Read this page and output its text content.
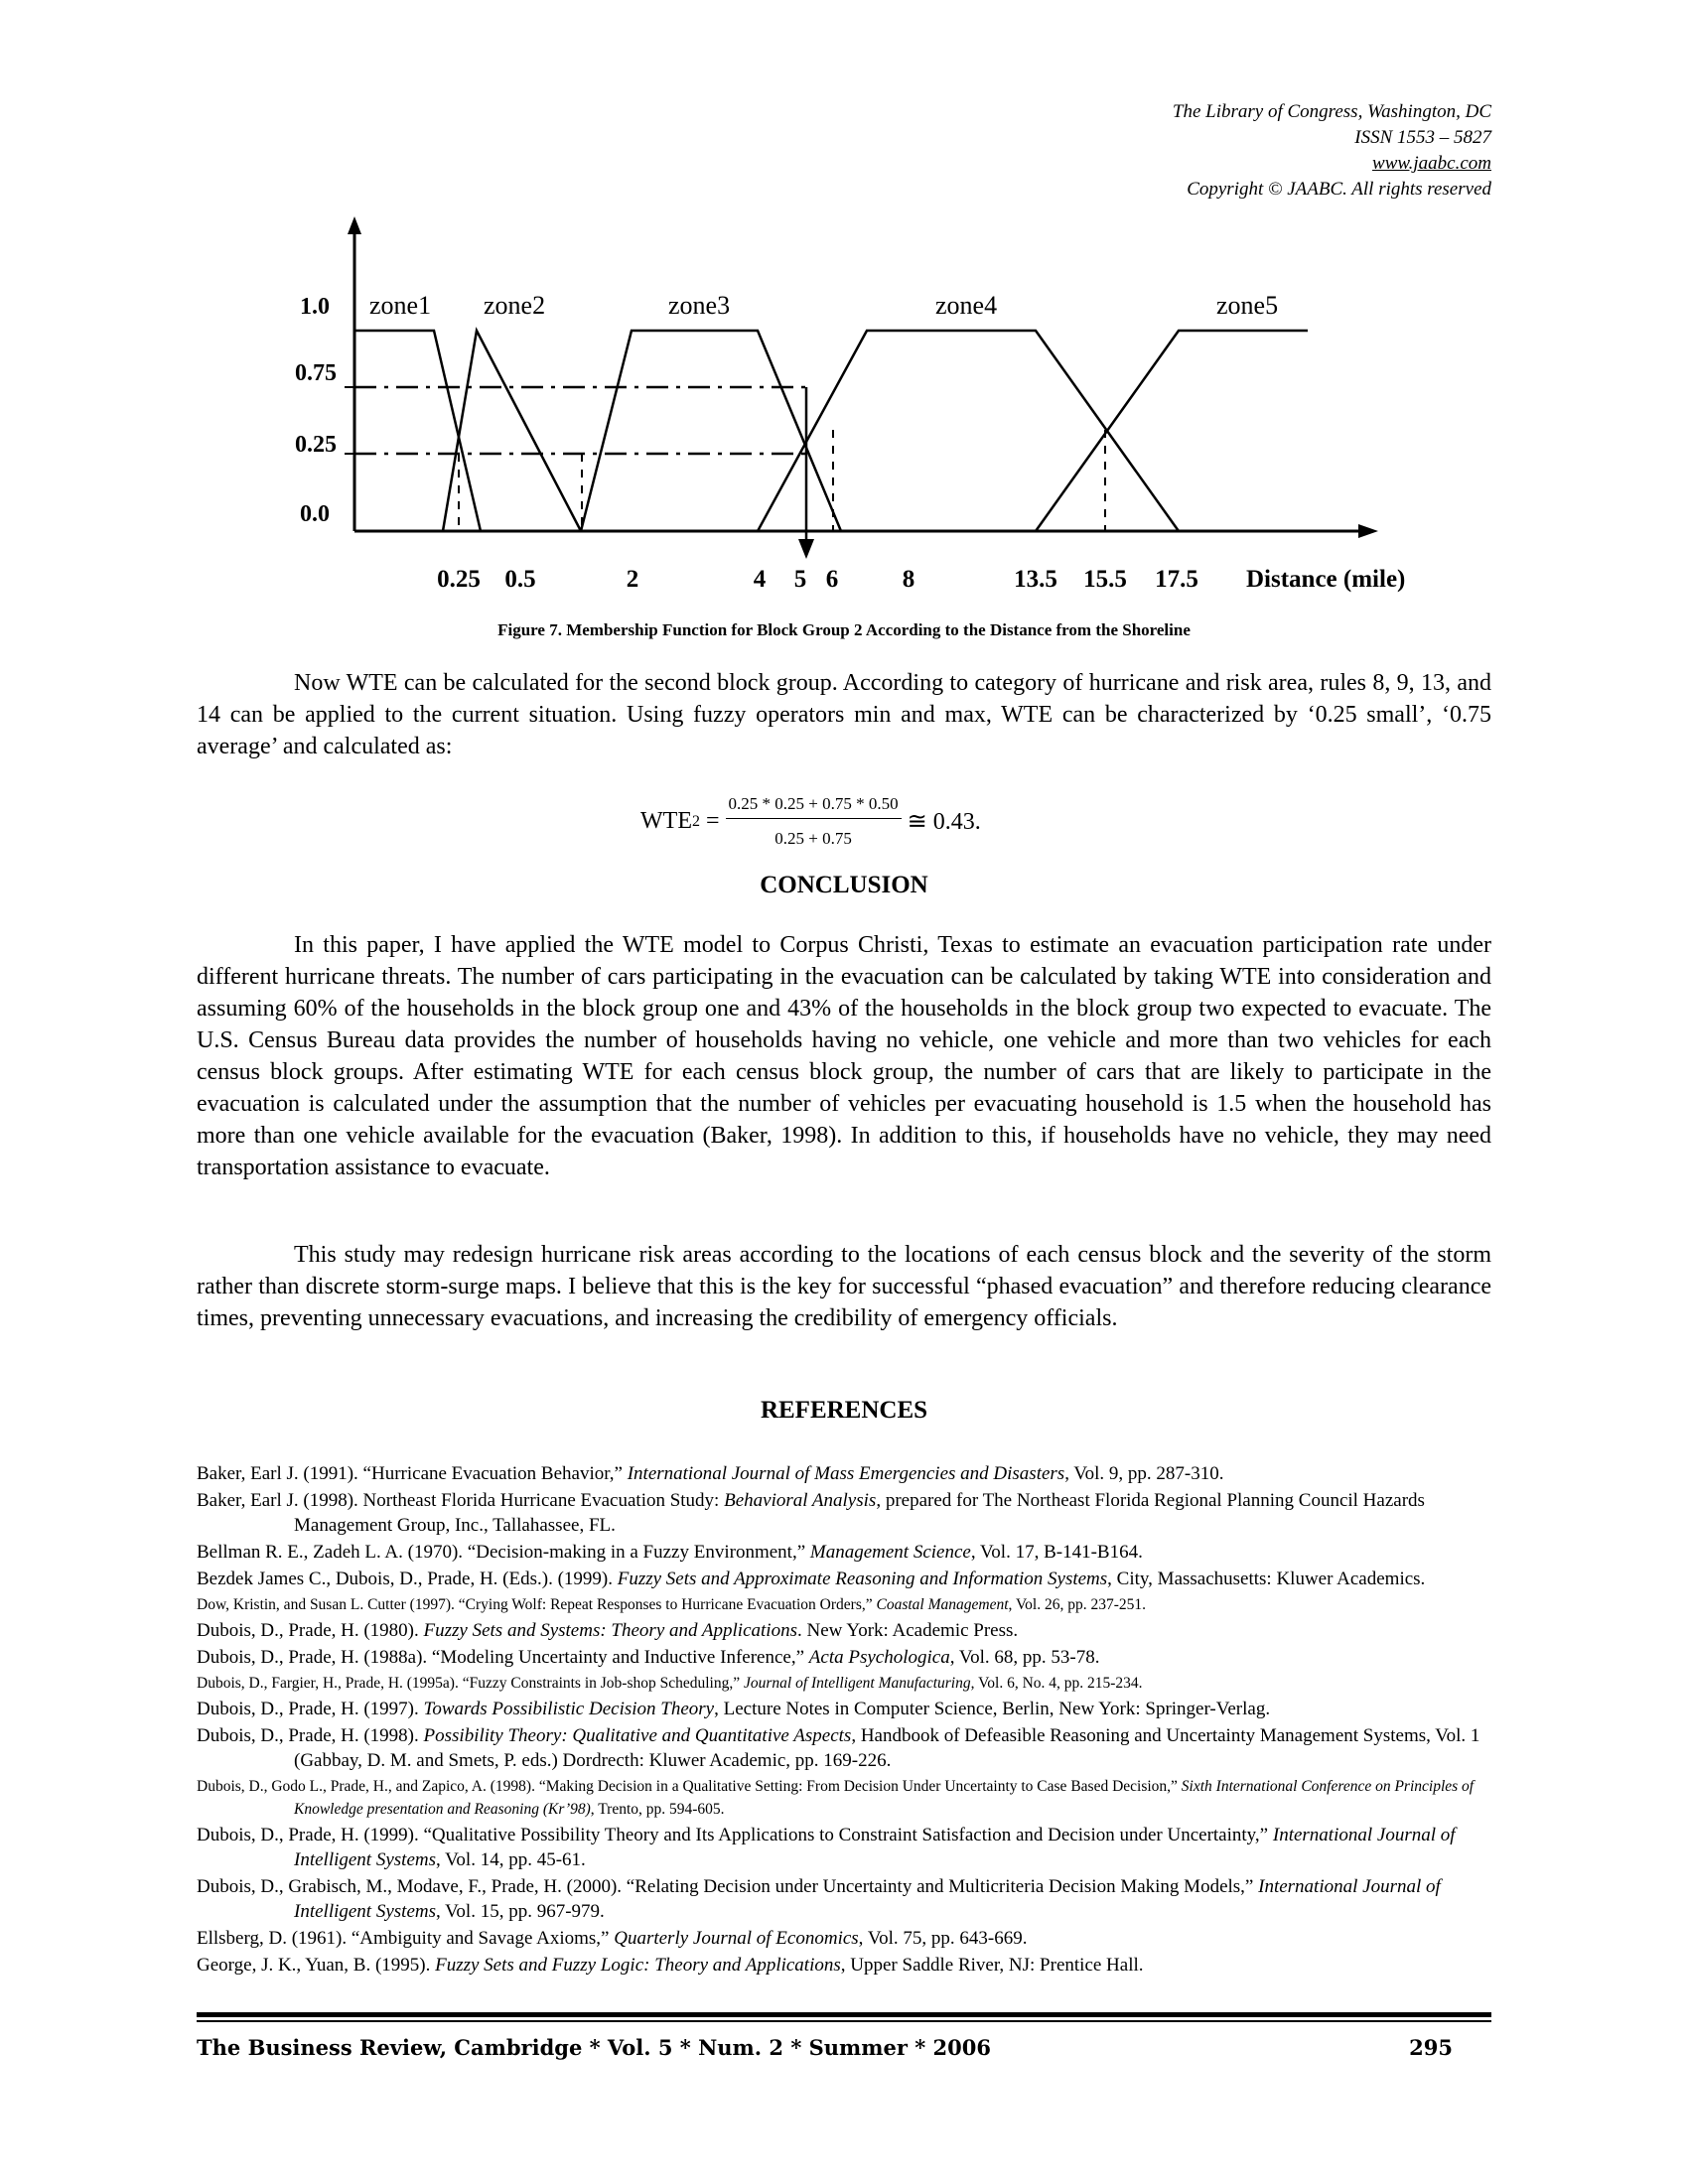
The Library of Congress, Washington, DC
ISSN 1553 – 5827
www.jaabc.com
Copyright © JAABC. All rights reserved
1.0
0.75
0.25
0.0
zone1 zone2	zone3	zone4	zone5
0.25 0.5	2	4 5 6	8	13.5 15.5 17.5 Distance (mile)
Figure 7. Membership Function for Block Group 2 According to the Distance from the Shoreline

Now WTE can be calculated for the second block group. According to category of hurricane and risk area, rules 8, 9, 13, and 14 can be applied to the current situation. Using fuzzy operators min and max, WTE can be characterized by ‘0.25 small’, ‘0.75 average’ and calculated as:

WTE $2 = \frac{0.25 * 0.25 + 0.75 * 0.50}{0.25 + 0.75}$ ≅ 0.43.
CONCLUSION

In this paper, I have applied the WTE model to Corpus Christi, Texas to estimate an evacuation participation rate under different hurricane threats. The number of cars participating in the evacuation can be calculated by taking WTE into consideration and assuming 60% of the households in the block group one and 43% of the households in the block group two expected to evacuate. The U.S. Census Bureau data provides the number of households having no vehicle, one vehicle and more than two vehicles for each census block groups. After estimating WTE for each census block group, the number of cars that are likely to participate in the evacuation is calculated under the assumption that the number of vehicles per evacuating household is 1.5 when the household has more than one vehicle available for the evacuation (Baker, 1998). In addition to this, if households have no vehicle, they may need transportation assistance to evacuate.

This study may redesign hurricane risk areas according to the locations of each census block and the severity of the storm rather than discrete storm-surge maps. I believe that this is the key for successful “phased evacuation” and therefore reducing clearance times, preventing unnecessary evacuations, and increasing the credibility of emergency officials.

REFERENCES
Baker, Earl J. (1991). “Hurricane Evacuation Behavior,” International Journal of Mass Emergencies and Disasters, Vol. 9, pp. 287-310.
Baker, Earl J. (1998). Northeast Florida Hurricane Evacuation Study: Behavioral Analysis, prepared for The Northeast Florida Regional Planning Council Hazards Management Group, Inc., Tallahassee, FL.
Bellman R. E., Zadeh L. A. (1970). “Decision-making in a Fuzzy Environment,” Management Science, Vol. 17, B-141-B164.
Bezdek James C., Dubois, D., Prade, H. (Eds.). (1999). Fuzzy Sets and Approximate Reasoning and Information Systems, City, Massachusetts: Kluwer Academics.
Dow, Kristin, and Susan L. Cutter (1997). “Crying Wolf: Repeat Responses to Hurricane Evacuation Orders,” Coastal Management, Vol. 26, pp. 237-251.
Dubois, D., Prade, H. (1980). Fuzzy Sets and Systems: Theory and Applications. New York: Academic Press.
Dubois, D., Prade, H. (1988a). “Modeling Uncertainty and Inductive Inference,” Acta Psychologica, Vol. 68, pp. 53-78.
Dubois, D., Fargier, H., Prade, H. (1995a). “Fuzzy Constraints in Job-shop Scheduling,” Journal of Intelligent Manufacturing, Vol. 6, No. 4, pp. 215-234.
Dubois, D., Prade, H. (1997). Towards Possibilistic Decision Theory, Lecture Notes in Computer Science, Berlin, New York: Springer-Verlag.
Dubois, D., Prade, H. (1998). Possibility Theory: Qualitative and Quantitative Aspects, Handbook of Defeasible Reasoning and Uncertainty Management Systems, Vol. 1 (Gabbay, D. M. and Smets, P. eds.) Dordrecth: Kluwer Academic, pp. 169-226.
Dubois, D., Godo L., Prade, H., and Zapico, A. (1998). “Making Decision in a Qualitative Setting: From Decision Under Uncertainty to Case Based Decision,” Sixth International Conference on Principles of Knowledge presentation and Reasoning (Kr’98), Trento, pp. 594-605.
Dubois, D., Prade, H. (1999). “Qualitative Possibility Theory and Its Applications to Constraint Satisfaction and Decision under Uncertainty,” International Journal of Intelligent Systems, Vol. 14, pp. 45-61.
Dubois, D., Grabisch, M., Modave, F., Prade, H. (2000). “Relating Decision under Uncertainty and Multicriteria Decision Making Models,” International Journal of Intelligent Systems, Vol. 15, pp. 967-979.
Ellsberg, D. (1961). “Ambiguity and Savage Axioms,” Quarterly Journal of Economics, Vol. 75, pp. 643-669.
George, J. K., Yuan, B. (1995). Fuzzy Sets and Fuzzy Logic: Theory and Applications, Upper Saddle River, NJ: Prentice Hall.
The Business Review, Cambridge * Vol. 5 * Num. 2 * Summer * 2006	295
